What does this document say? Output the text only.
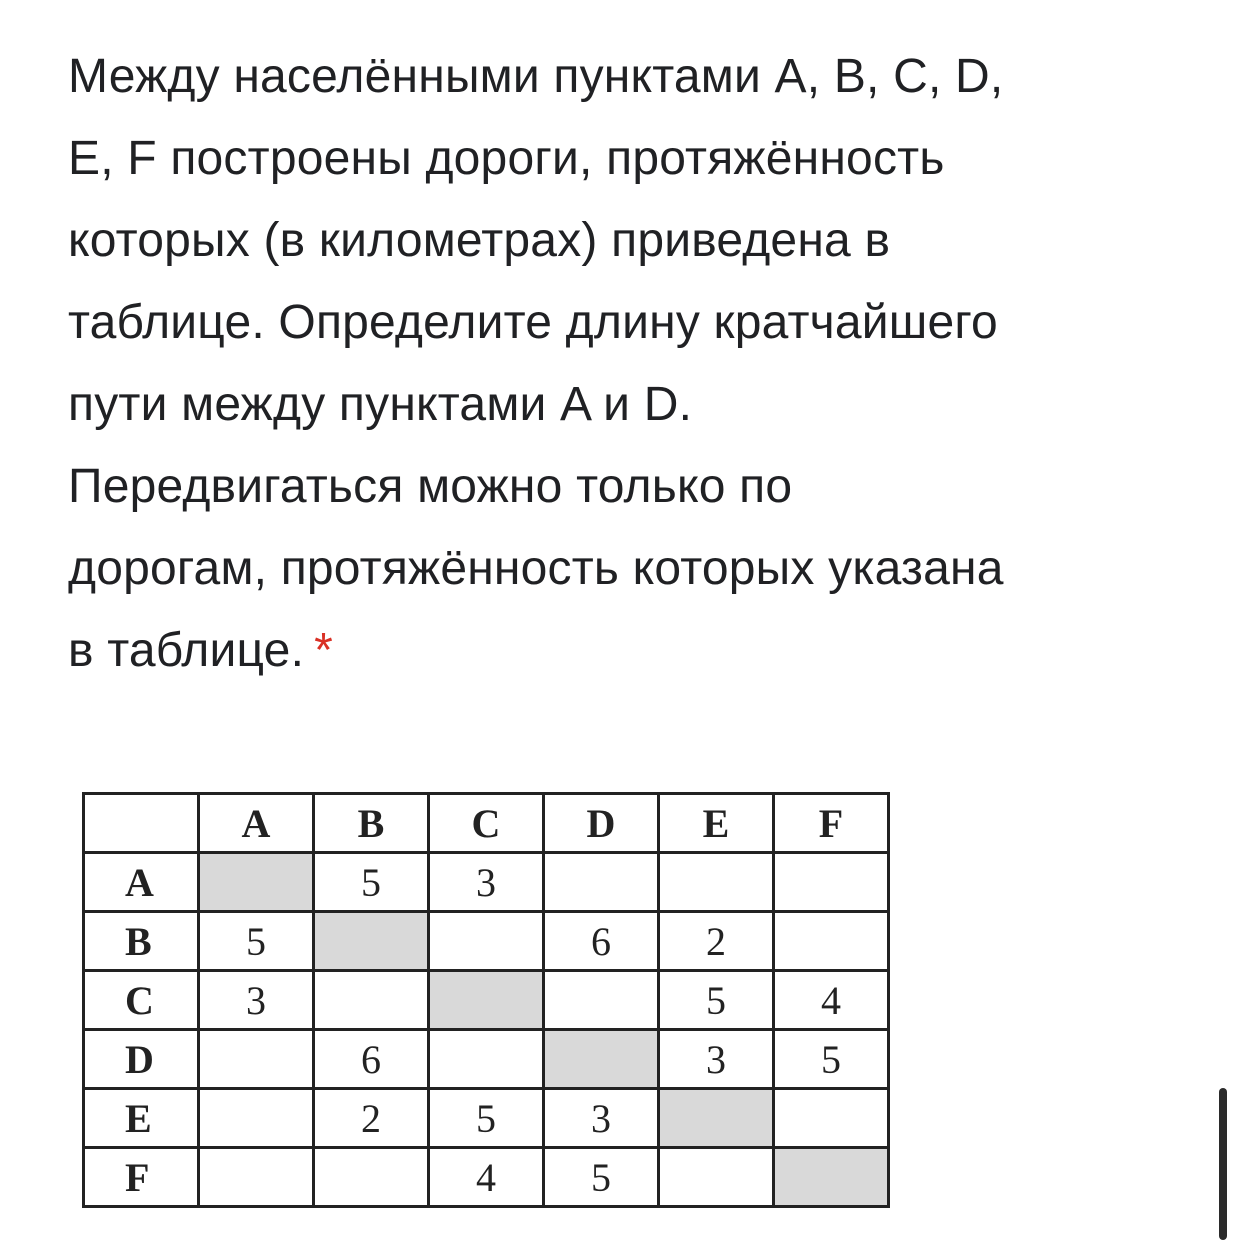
Между населёнными пунктами A, B, C, D,
E, F построены дороги, протяжённость
которых (в километрах) приведена в
таблице. Определите длину кратчайшего
пути между пунктами A и D.
Передвигаться можно только по
дорогам, протяжённость которых указана
в таблице. *
	A	B	C	D	E	F
A		5	3			
B	5			6	2	
C	3				5	4
D		6			3	5
E		2	5	3		
F			4	5		
